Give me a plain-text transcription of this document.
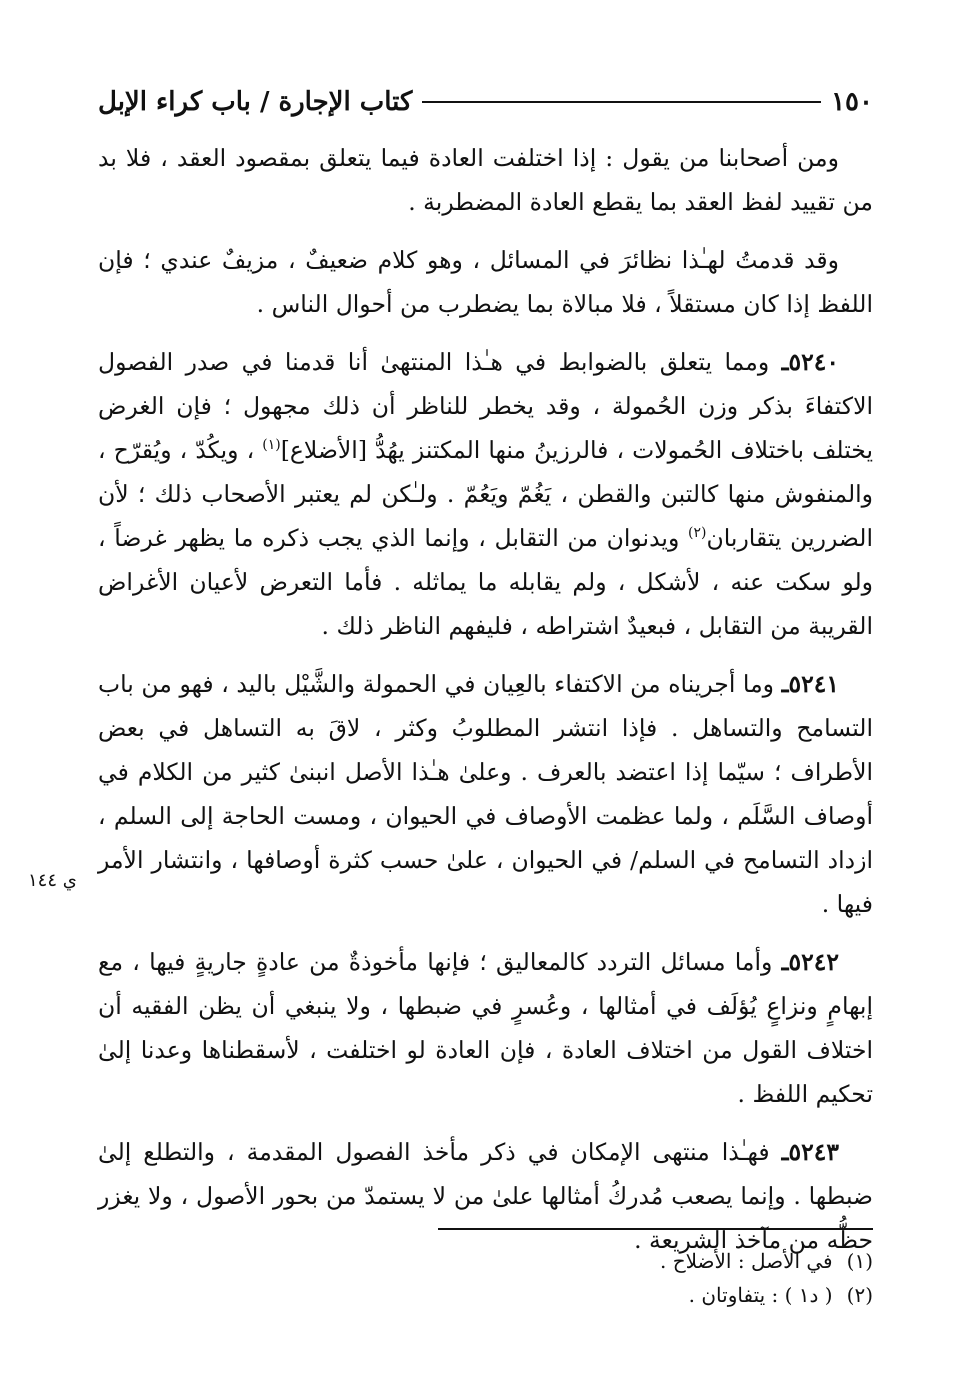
١٥٠
كتاب الإجارة / باب كراء الإبل

ومن أصحابنا من يقول : إذا اختلفت العادة فيما يتعلق بمقصود العقد ، فلا بد من تقييد لفظ العقد بما يقطع العادة المضطربة .

وقد قدمتُ لهـٰذا نظائرَ في المسائل ، وهو كلام ضعيفٌ ، مزيفٌ عندي ؛ فإن اللفظ إذا كان مستقلاً ، فلا مبالاة بما يضطرب من أحوال الناس .

٥٢٤٠ـ ومما يتعلق بالضوابط في هـٰذا المنتهىٰ أنا قدمنا في صدر الفصول الاكتفاءَ بذكر وزن الحُمولة ، وقد يخطر للناظر أن ذلك مجهول ؛ فإن الغرض يختلف باختلاف الحُمولات ، فالرزينُ منها المكتنز يهُدُّ [الأضلاع]$^{(١)}$ ، ويكُدّ ، ويُقرّح ، والمنفوش منها كالتبن والقطن ، يَغُمّ ويَعُمّ . ولـٰكن لم يعتبر الأصحاب ذلك ؛ لأن الضررين يتقاربان$^{(٢)}$ ويدنوان من التقابل ، وإنما الذي يجب ذكره ما يظهر غرضاً ، ولو سكت عنه ، لأشكل ، ولم يقابله ما يماثله . فأما التعرض لأعيان الأغراض القريبة من التقابل ، فبعيدٌ اشتراطه ، فليفهم الناظر ذلك .

٥٢٤١ـ وما أجريناه من الاكتفاء بالعِيان في الحمولة والشَّيْل باليد ، فهو من باب التسامح والتساهل . فإذا انتشر المطلوبُ وكثر ، لاقَ به التساهل في بعض الأطراف ؛ سيّما إذا اعتضد بالعرف . وعلىٰ هـٰذا الأصل انبنىٰ كثير من الكلام في أوصاف السَّلَم ، ولما عظمت الأوصاف في الحيوان ، ومست الحاجة إلى السلم ، ازداد التسامح في السلم/ في الحيوان ، علىٰ حسب كثرة أوصافها ، وانتشار الأمر فيها .

٥٢٤٢ـ وأما مسائل التردد كالمعاليق ؛ فإنها مأخوذةٌ من عادةٍ جاريةٍ فيها ، مع إبهامٍ ونزاعٍ يُؤلَف في أمثالها ، وعُسرٍ في ضبطها ، ولا ينبغي أن يظن الفقيه أن اختلاف القول من اختلاف العادة ، فإن العادة لو اختلفت ، لأسقطناها وعدنا إلىٰ تحكيم اللفظ .

٥٢٤٣ـ فهـٰذا منتهى الإمكان في ذكر مأخذ الفصول المقدمة ، والتطلع إلىٰ ضبطها . وإنما يصعب مُدركُ أمثالها علىٰ من لا يستمدّ من بحور الأصول ، ولا يغزر حظُّه من مآخذ الشريعة .

ي ١٤٤
(١)
في الأصل : الأضلاح .
(٢)
( د١ ) : يتفاوتان .
